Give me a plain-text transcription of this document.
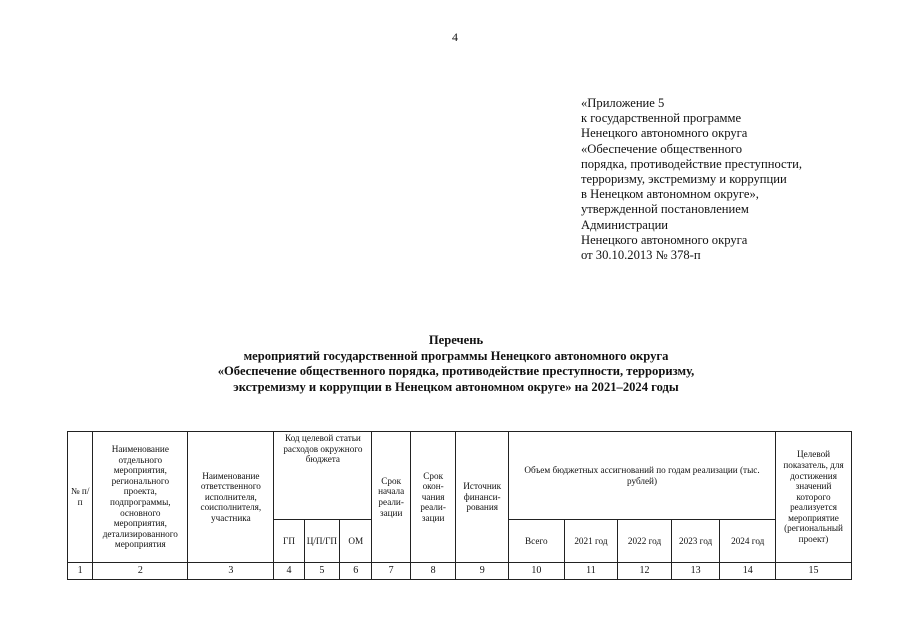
4
«Приложение 5
к государственной программе
Ненецкого автономного округа
«Обеспечение общественного
порядка, противодействие преступности,
терроризму, экстремизму и коррупции
в Ненецком автономном округе»,
утвержденной постановлением
Администрации
Ненецкого автономного округа
от 30.10.2013 № 378-п
Перечень
мероприятий государственной программы Ненецкого автономного округа
«Обеспечение общественного порядка, противодействие преступности, терроризму,
экстремизму и коррупции в Ненецком автономном округе» на 2021–2024 годы
№ п/п	Наименование отдельного мероприятия, регионального проекта, подпрограммы, основного мероприятия, детализированного мероприятия	Наименование ответственного исполнителя, соисполнителя, участника	Код целевой статьи расходов окружного бюджета			Срок начала реали-зации	Срок окон-чания реали-зации	Источник финанси-рования	Объем бюджетных ассигнований по годам реализации (тыс. рублей)					Целевой показатель, для достижения значений которого реализуется мероприятие (региональный проект)
			ГП	Ц/П/ГП	ОМ				Всего	2021 год	2022 год	2023 год	2024 год	
1	2	3	4	5	6	7	8	9	10	11	12	13	14	15
